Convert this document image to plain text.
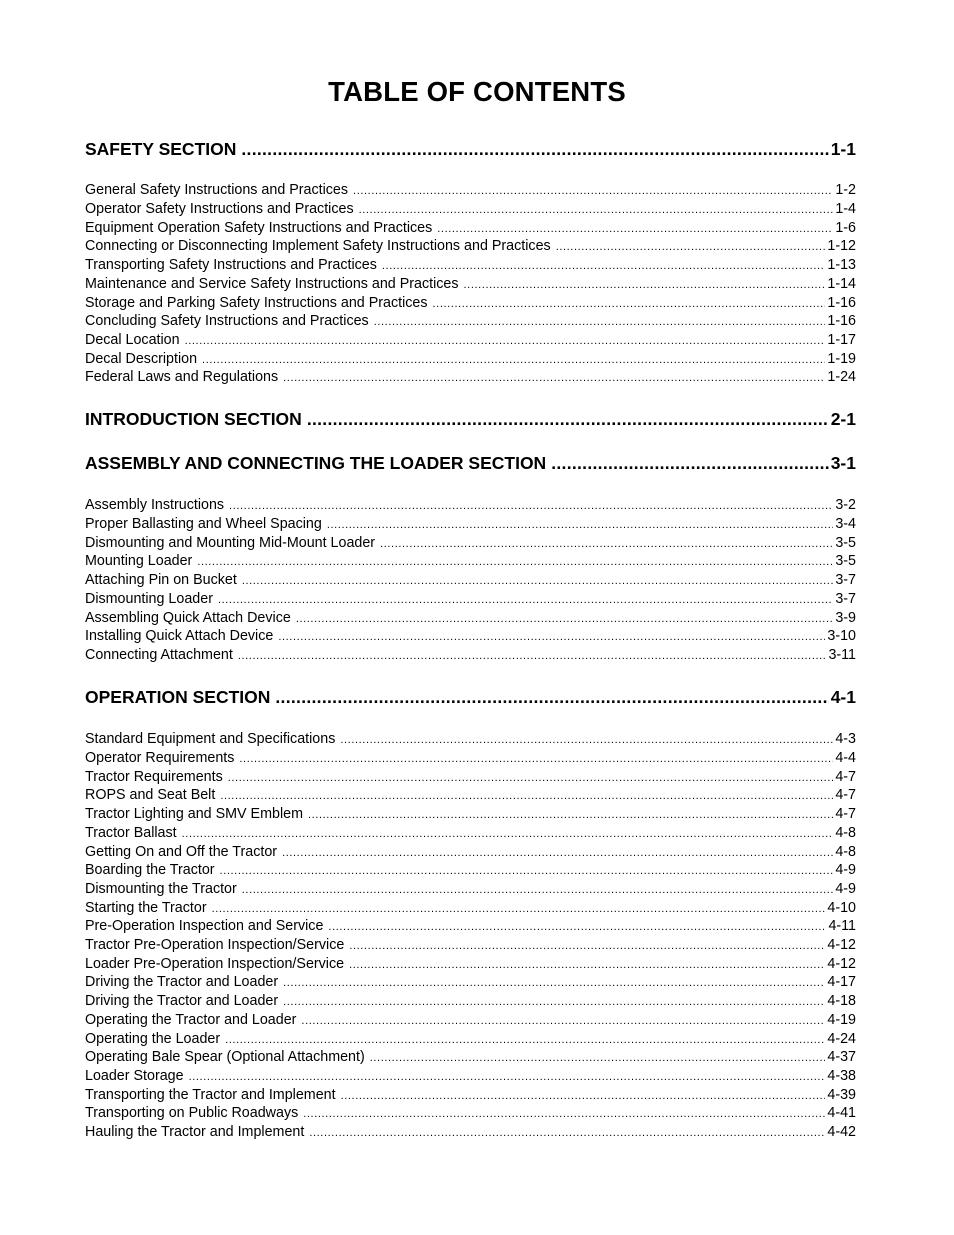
TABLE OF CONTENTS
SAFETY SECTION .....	1-1
General Safety Instructions and Practices .....	1-2
Operator Safety Instructions and Practices .....	1-4
Equipment Operation Safety Instructions and Practices .....	1-6
Connecting or Disconnecting Implement Safety Instructions and Practices .....	1-12
Transporting Safety Instructions and Practices .....	1-13
Maintenance and Service Safety Instructions and Practices .....	1-14
Storage and Parking Safety Instructions and Practices .....	1-16
Concluding Safety Instructions and Practices .....	1-16
Decal Location .....	1-17
Decal Description .....	1-19
Federal Laws and Regulations .....	1-24
INTRODUCTION SECTION .....	2-1
ASSEMBLY AND CONNECTING THE LOADER SECTION .....	3-1
Assembly Instructions .....	3-2
Proper Ballasting and Wheel Spacing .....	3-4
Dismounting and Mounting Mid-Mount Loader .....	3-5
Mounting Loader .....	3-5
Attaching Pin on Bucket .....	3-7
Dismounting Loader .....	3-7
Assembling Quick Attach Device .....	3-9
Installing Quick Attach Device .....	3-10
Connecting Attachment .....	3-11
OPERATION SECTION .....	4-1
Standard Equipment and Specifications .....	4-3
Operator Requirements .....	4-4
Tractor Requirements .....	4-7
ROPS and Seat Belt .....	4-7
Tractor Lighting and SMV Emblem .....	4-7
Tractor Ballast .....	4-8
Getting On and Off the Tractor .....	4-8
Boarding the Tractor .....	4-9
Dismounting the Tractor .....	4-9
Starting the Tractor .....	4-10
Pre-Operation Inspection and Service .....	4-11
Tractor Pre-Operation Inspection/Service .....	4-12
Loader Pre-Operation Inspection/Service .....	4-12
Driving the Tractor and Loader .....	4-17
Driving the Tractor and Loader .....	4-18
Operating the Tractor and Loader .....	4-19
Operating the Loader .....	4-24
Operating Bale Spear (Optional Attachment) .....	4-37
Loader Storage .....	4-38
Transporting the Tractor and Implement .....	4-39
Transporting on Public Roadways .....	4-41
Hauling the Tractor and Implement .....	4-42
